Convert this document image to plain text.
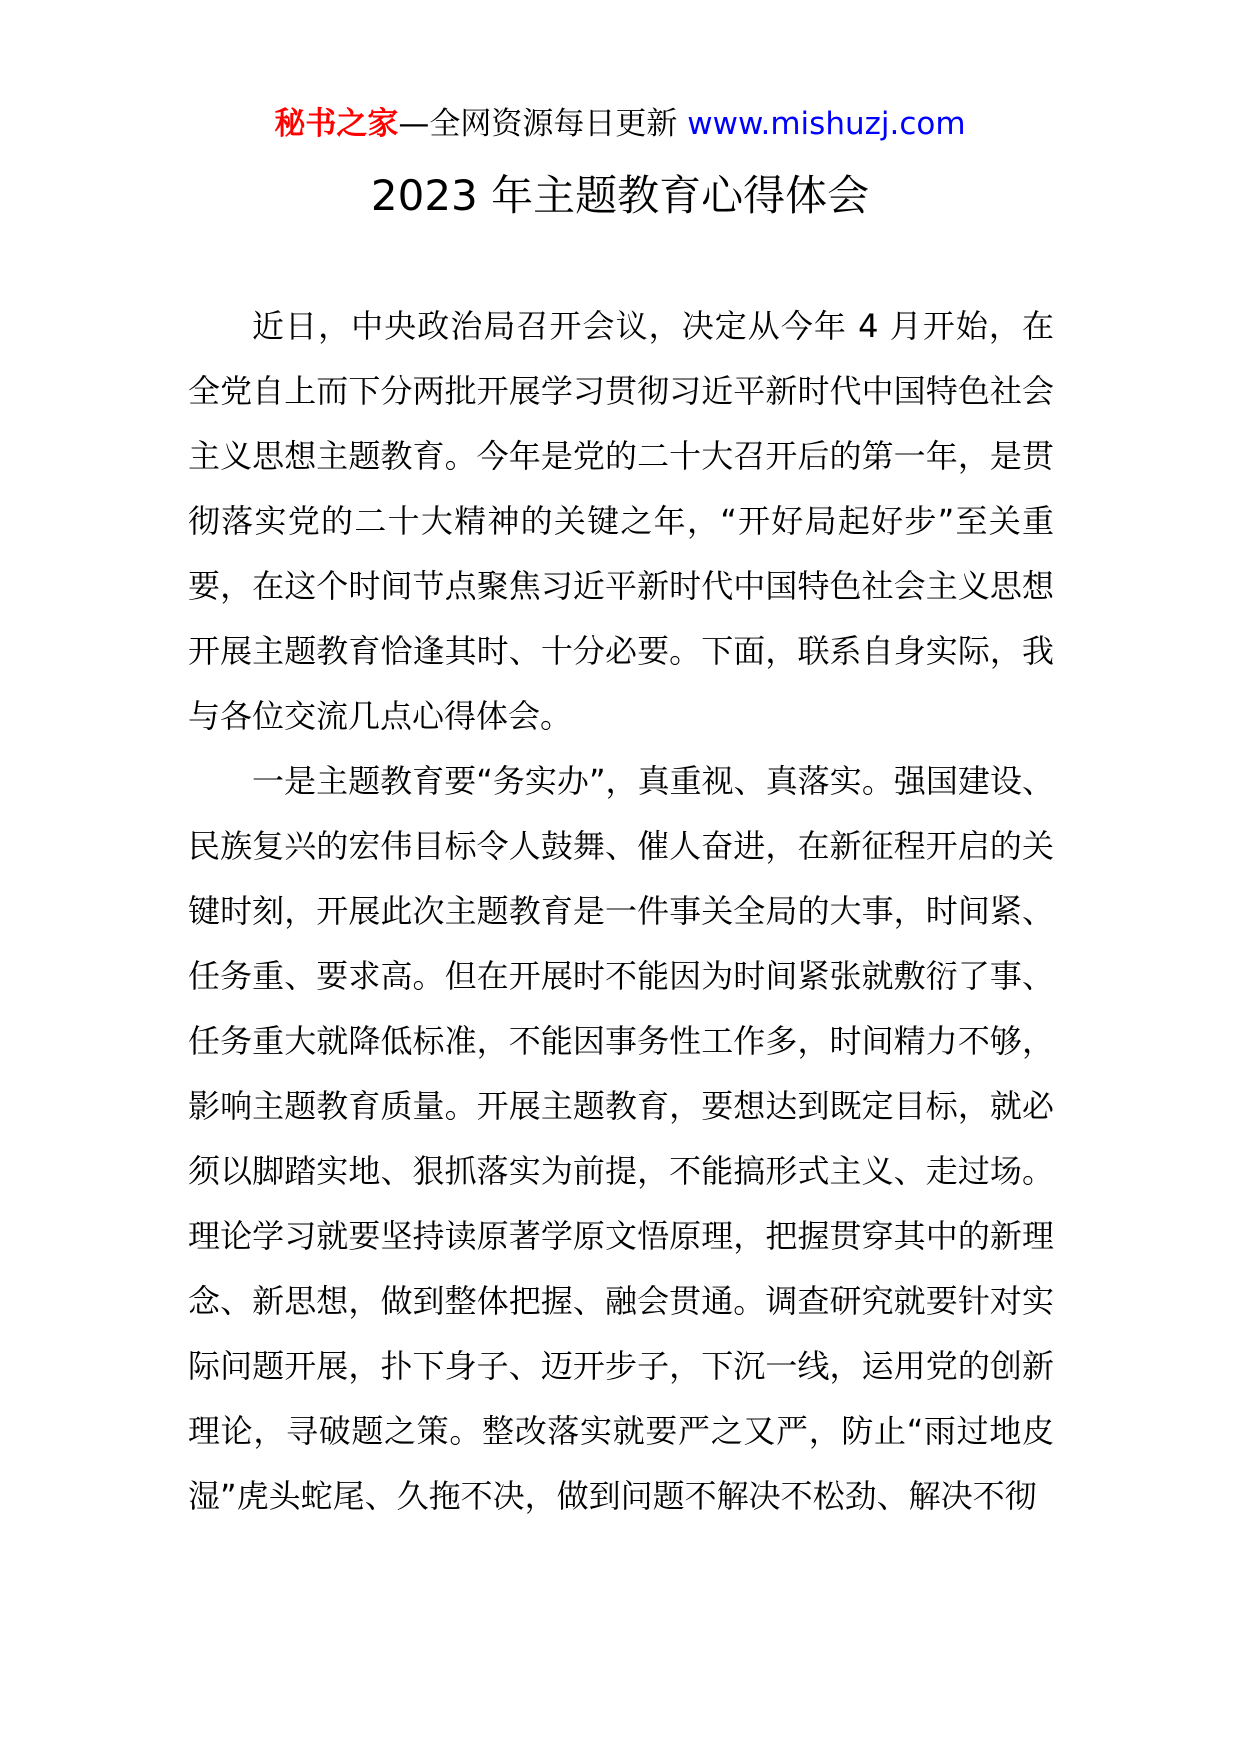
秘书之家—全网资源每日更新 www.mishuzj.com
2023 年主题教育心得体会

近日，中央政治局召开会议，决定从今年 4 月开始，在全党自上而下分两批开展学习贯彻习近平新时代中国特色社会主义思想主题教育。今年是党的二十大召开后的第一年，是贯彻落实党的二十大精神的关键之年，“开好局起好步”至关重要，在这个时间节点聚焦习近平新时代中国特色社会主义思想开展主题教育恰逢其时、十分必要。下面，联系自身实际，我与各位交流几点心得体会。

一是主题教育要“务实办”，真重视、真落实。强国建设、民族复兴的宏伟目标令人鼓舞、催人奋进，在新征程开启的关键时刻，开展此次主题教育是一件事关全局的大事，时间紧、任务重、要求高。但在开展时不能因为时间紧张就敷衍了事、任务重大就降低标准，不能因事务性工作多，时间精力不够，影响主题教育质量。开展主题教育，要想达到既定目标，就必须以脚踏实地、狠抓落实为前提，不能搞形式主义、走过场。理论学习就要坚持读原著学原文悟原理，把握贯穿其中的新理念、新思想，做到整体把握、融会贯通。调查研究就要针对实际问题开展，扑下身子、迈开步子，下沉一线，运用党的创新理论，寻破题之策。整改落实就要严之又严，防止“雨过地皮湿”虎头蛇尾、久拖不决，做到问题不解决不松劲、解决不彻
